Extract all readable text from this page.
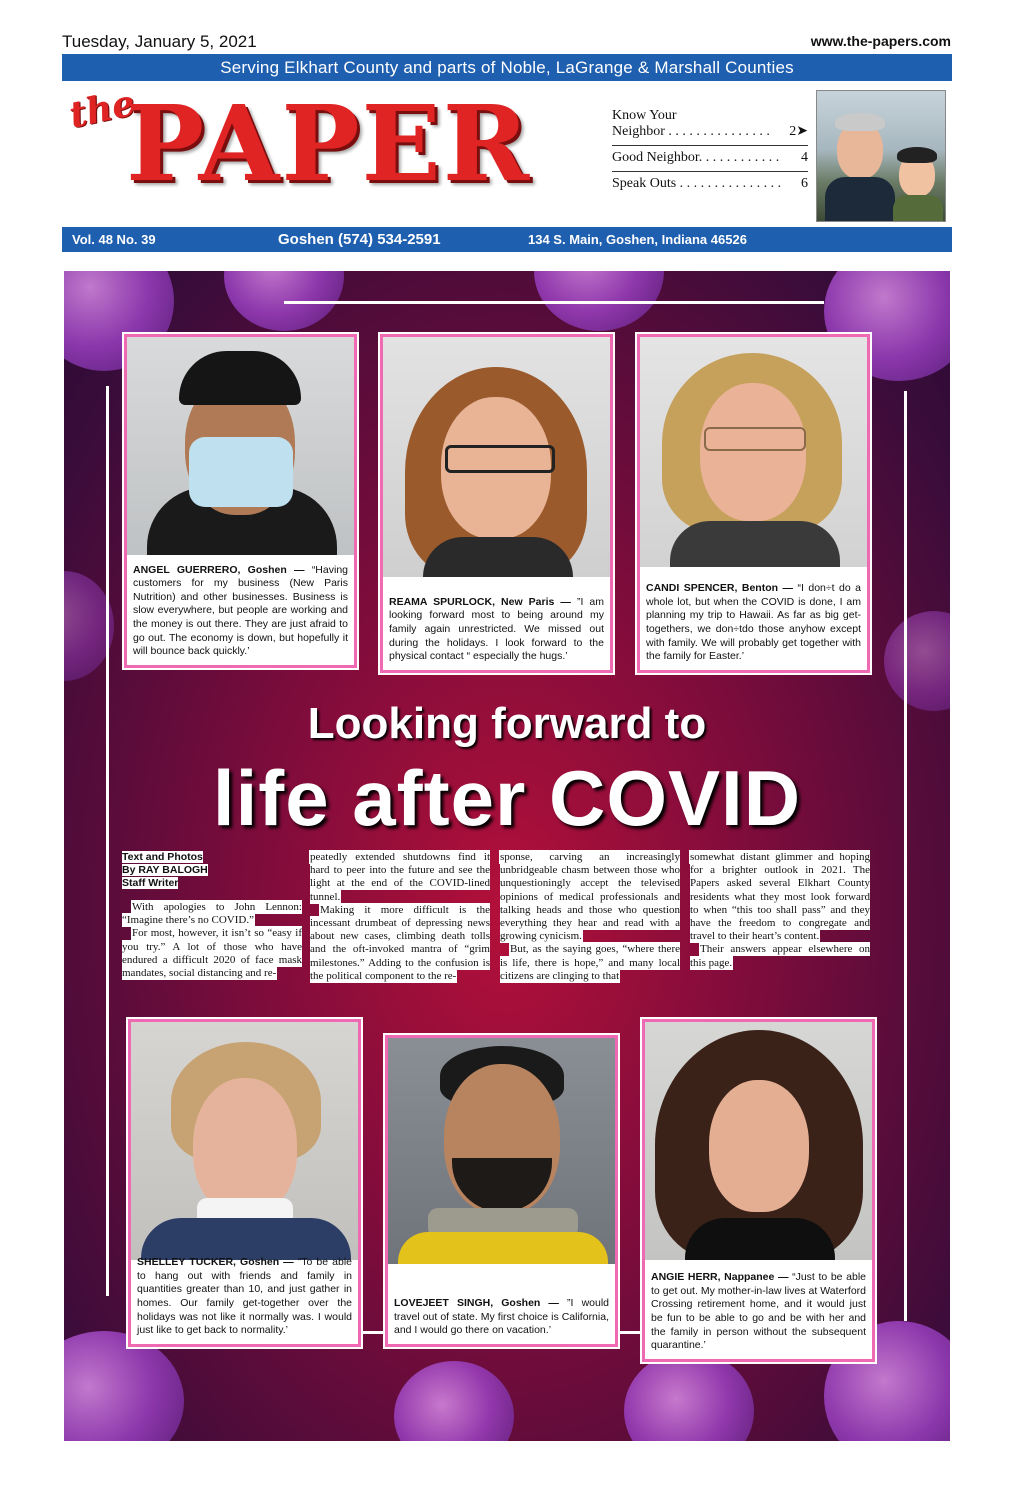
Tuesday, January 5, 2021	www.the-papers.com
Serving Elkhart County and parts of Noble, LaGrange & Marshall Counties
the
PAPER	Know Your
Neighbor . . . . . . . . . . . . . . . 2➤
Good Neighbor. . . . . . . . . . . . 4
Speak Outs . . . . . . . . . . . . . . . 6
Vol. 48 No. 39	Goshen (574) 534-2591	134 S. Main, Goshen, Indiana 46526
ANGEL GUERRERO, Goshen — “Having customers for my business (New Paris Nutrition) and other businesses. Business is slow everywhere, but people are working and the money is out there. They are just afraid to go out. The economy is down, but hopefully it will bounce back quickly.’
REAMA SPURLOCK, New Paris — ”I am looking forward most to being around my family again unrestricted. We missed out during the holidays. I look forward to the physical contact “ especially the hugs.’
CANDI SPENCER, Benton — “I don÷t do a whole lot, but when the COVID is done, I am planning my trip to Hawaii. As far as big get-togethers, we don÷tdo those anyhow except with family. We will probably get together with the family for Easter.’
Looking forward to
life after COVID
Text and Photos
By RAY BALOGH
Staff Writer

With apologies to John Lennon: “Imagine there’s no COVID.”

For most, however, it isn’t so “easy if you try.” A lot of those who have endured a difficult 2020 of face mask mandates, social distancing and re-

peatedly extended shutdowns find it hard to peer into the future and see the light at the end of the COVID-lined tunnel.

Making it more difficult is the incessant drumbeat of depressing news about new cases, climbing death tolls and the oft-invoked mantra of “grim milestones.” Adding to the confusion is the political component to the re-

sponse, carving an increasingly unbridgeable chasm between those who unquestioningly accept the televised opinions of medical professionals and talking heads and those who question everything they hear and read with a growing cynicism.

But, as the saying goes, “where there is life, there is hope,” and many local citizens are clinging to that

somewhat distant glimmer and hoping for a brighter outlook in 2021. The Papers asked several Elkhart County residents what they most look forward to when “this too shall pass” and they have the freedom to congregate and travel to their heart’s content.

Their answers appear elsewhere on this page.

SHELLEY TUCKER, Goshen — ”To be able to hang out with friends and family in quantities greater than 10, and just gather in homes. Our family get-together over the holidays was not like it normally was. I would just like to get back to normality.’
LOVEJEET SINGH, Goshen — ”I would travel out of state. My first choice is California, and I would go there on vacation.’
ANGIE HERR, Nappanee — “Just to be able to get out. My mother-in-law lives at Waterford Crossing retirement home, and it would just be fun to be able to go and be with her and the family in person without the subsequent quarantine.’
